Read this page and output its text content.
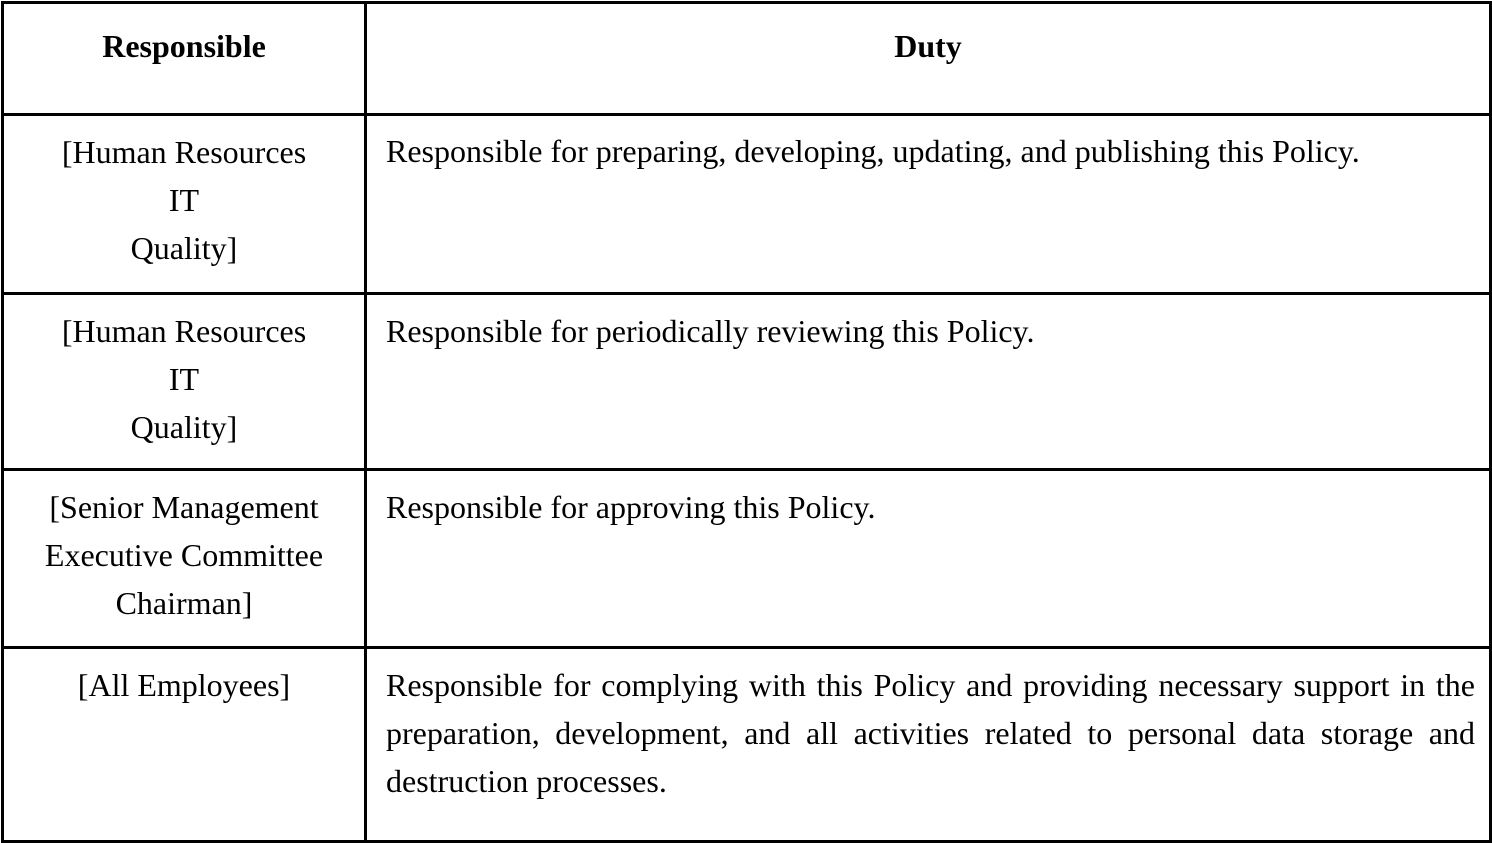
Responsible	Duty

[Human Resources
IT
Quality]	Responsible for preparing, developing, updating, and publishing this Policy.

[Human Resources
IT
Quality]	Responsible for periodically reviewing this Policy.

[Senior Management
Executive Committee
Chairman]	Responsible for approving this Policy.

[All Employees]	Responsible for complying with this Policy and providing necessary support in the preparation, development, and all activities related to personal data storage and destruction processes.
